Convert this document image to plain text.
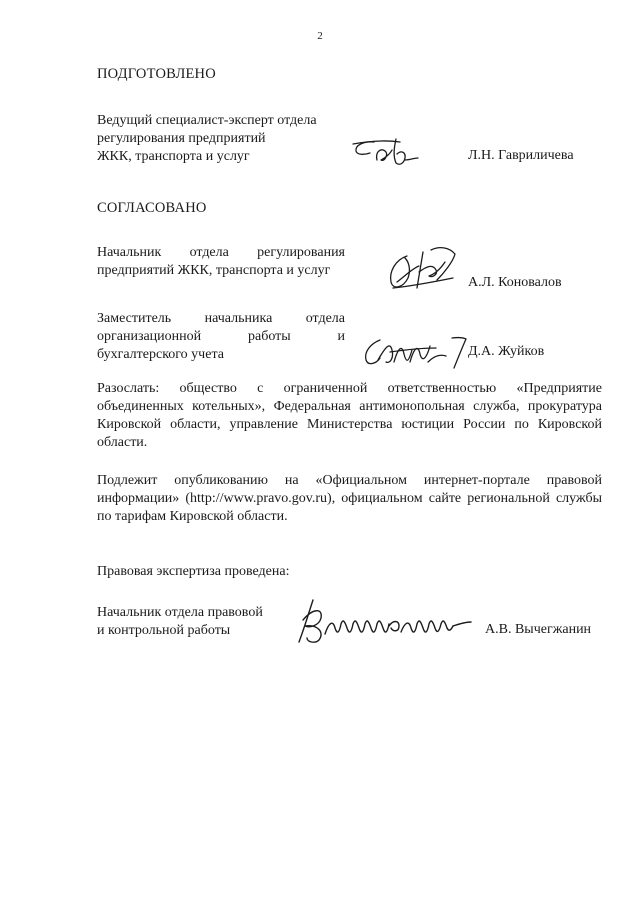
2
ПОДГОТОВЛЕНО
Ведущий специалист-эксперт отдела
регулирования предприятий
ЖКК, транспорта и услуг	Л.Н. Гавриличева
СОГЛАСОВАНО
Начальник отдела регулирования предприятий ЖКК, транспорта и услуг
А.Л. Коновалов
Заместитель начальника отдела организационной работы и бухгалтерского учета	Д.А. Жуйков
Разослать: общество с ограниченной ответственностью «Предприятие объединенных котельных», Федеральная антимонопольная служба, прокуратура Кировской области, управление Министерства юстиции России по Кировской области.
Подлежит опубликованию на «Официальном интернет-портале правовой информации» (http://www.pravo.gov.ru), официальном сайте региональной службы по тарифам Кировской области.
Правовая экспертиза проведена:
Начальник отдела правовой
и контрольной работы	А.В. Вычегжанин
